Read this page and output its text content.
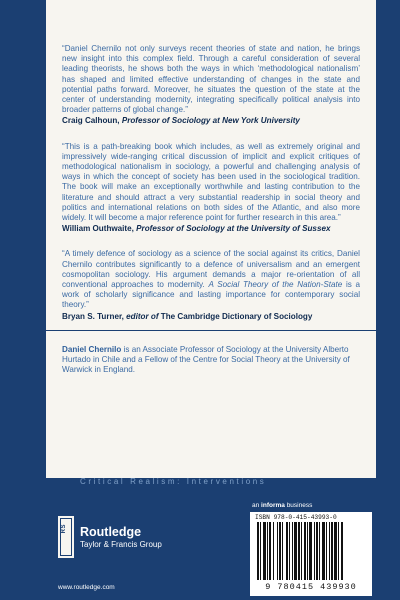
“Daniel Chernilo not only surveys recent theories of state and nation, he brings new insight into this complex field. Through a careful consideration of several leading theorists, he shows both the ways in which ‘methodological nationalism’ has shaped and limited effective understanding of changes in the state and potential paths forward. Moreover, he situates the question of the state at the center of understanding modernity, integrating specifically political analysis into broader patterns of global change.”

Craig Calhoun, Professor of Sociology at New York University

“This is a path-breaking book which includes, as well as extremely original and impressively wide-ranging critical discussion of implicit and explicit critiques of methodological nationalism in sociology, a powerful and challenging analysis of ways in which the concept of society has been used in the sociological tradition. The book will make an exceptionally worthwhile and lasting contribution to the literature and should attract a very substantial readership in social theory and politics and international relations on both sides of the Atlantic, and also more widely. It will become a major reference point for further research in this area.”

William Outhwaite, Professor of Sociology at the University of Sussex

“A timely defence of sociology as a science of the social against its critics, Daniel Chernilo contributes significantly to a defence of universalism and an emergent cosmopolitan sociology. His argument demands a major re-orientation of all conventional approaches to modernity. A Social Theory of the Nation-State is a work of scholarly significance and lasting importance for contemporary social theory.”

Bryan S. Turner, editor of The Cambridge Dictionary of Sociology

Daniel Chernilo is an Associate Professor of Sociology at the University Alberto Hurtado in Chile and a Fellow of the Centre for Social Theory at the University of Warwick in England.

Critical Realism: Interventions
RS Routledge
Taylor & Francis Group
www.routledge.com
an informa business
ISBN 978-0-415-43993-0
9 780415 439930
